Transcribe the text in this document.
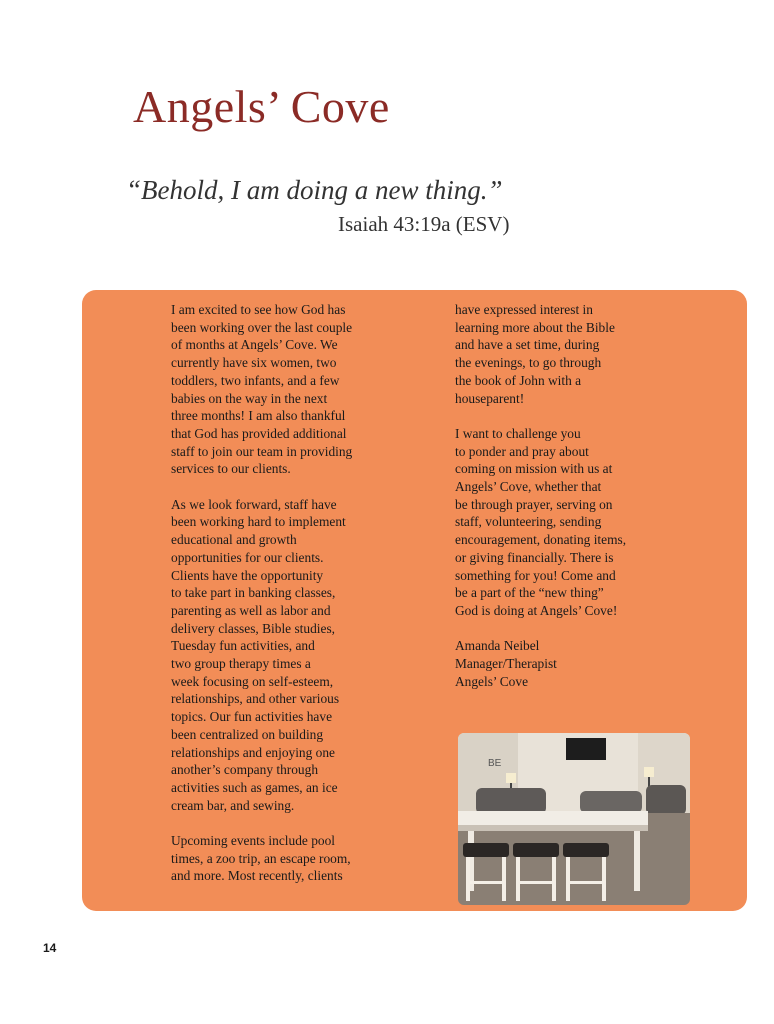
Angels’ Cove
“Behold, I am doing a new thing.”
Isaiah 43:19a (ESV)

I am excited to see how God has
been working over the last couple
of months at Angels’ Cove. We
currently have six women, two
toddlers, two infants, and a few
babies on the way in the next
three months! I am also thankful
that God has provided additional
staff to join our team in providing
services to our clients.

As we look forward, staff have
been working hard to implement
educational and growth
opportunities for our clients.
Clients have the opportunity
to take part in banking classes,
parenting as well as labor and
delivery classes, Bible studies,
Tuesday fun activities, and
two group therapy times a
week focusing on self-esteem,
relationships, and other various
topics. Our fun activities have
been centralized on building
relationships and enjoying one
another’s company through
activities such as games, an ice
cream bar, and sewing.

Upcoming events include pool
times, a zoo trip, an escape room,
and more. Most recently, clients

have expressed interest in
learning more about the Bible
and have a set time, during
the evenings, to go through
the book of John with a
houseparent!

I want to challenge you
to ponder and pray about
coming on mission with us at
Angels’ Cove, whether that
be through prayer, serving on
staff, volunteering, sending
encouragement, donating items,
or giving financially. There is
something for you! Come and
be a part of the “new thing”
God is doing at Angels’ Cove!

Amanda Neibel
Manager/Therapist
Angels’ Cove
BE
14
